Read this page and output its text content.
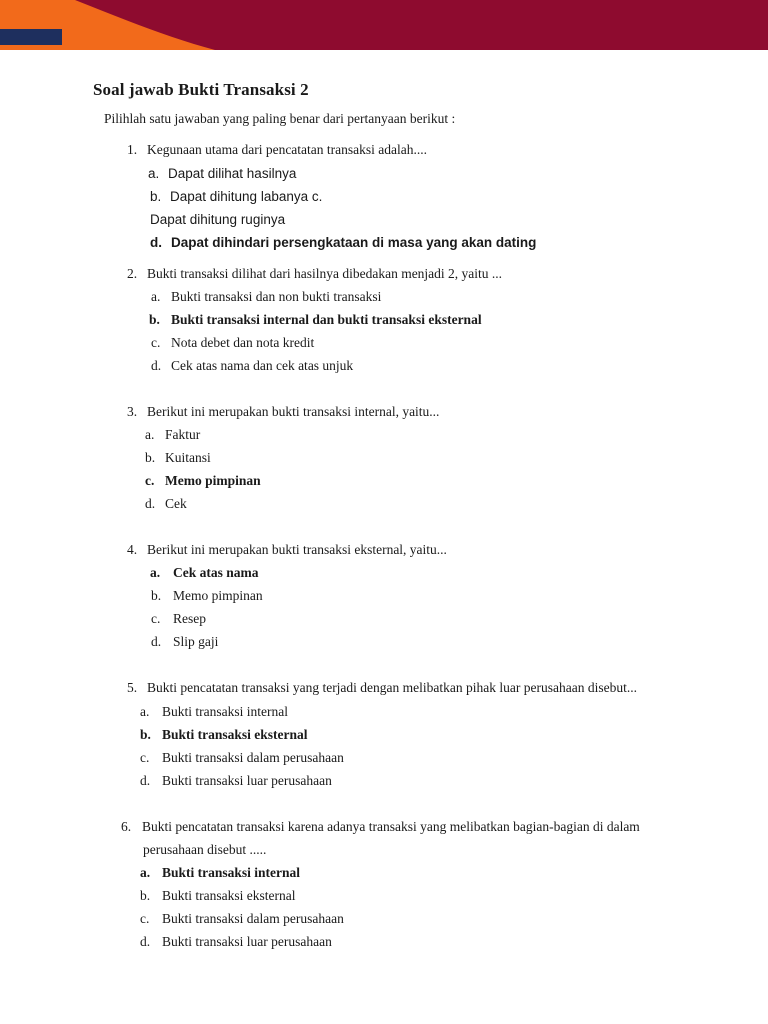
Soal jawab Bukti Transaksi 2
Pilihlah satu jawaban yang paling benar dari pertanyaan berikut :
1. Kegunaan utama dari pencatatan transaksi adalah....
a. Dapat dilihat hasilnya
b. Dapat dihitung labanya c.
Dapat dihitung ruginya
d. Dapat dihindari persengkataan di masa yang akan dating
2. Bukti transaksi dilihat dari hasilnya dibedakan menjadi 2, yaitu ...
a. Bukti transaksi dan non bukti transaksi
b. Bukti transaksi internal dan bukti transaksi eksternal
c. Nota debet dan nota kredit
d. Cek atas nama dan cek atas unjuk
3. Berikut ini merupakan bukti transaksi internal, yaitu...
a. Faktur
b. Kuitansi
c. Memo pimpinan
d. Cek
4. Berikut ini merupakan bukti transaksi eksternal, yaitu...
a. Cek atas nama
b. Memo pimpinan
c. Resep
d. Slip gaji
5. Bukti pencatatan transaksi yang terjadi dengan melibatkan pihak luar perusahaan disebut...
a. Bukti transaksi internal
b. Bukti transaksi eksternal
c. Bukti transaksi dalam perusahaan
d. Bukti transaksi luar perusahaan
6. Bukti pencatatan transaksi karena adanya transaksi yang melibatkan bagian-bagian di dalam
perusahaan disebut .....
a. Bukti transaksi internal
b. Bukti transaksi eksternal
c. Bukti transaksi dalam perusahaan
d. Bukti transaksi luar perusahaan
